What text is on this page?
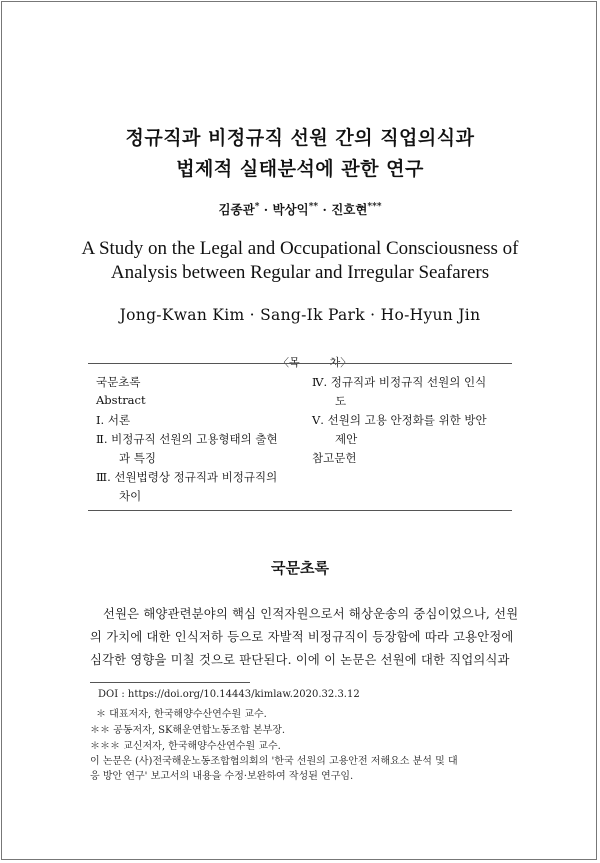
정규직과 비정규직 선원 간의 직업의식과
법제적 실태분석에 관한 연구
김종관* · 박상익** · 진호현***
A Study on the Legal and Occupational Consciousness of
Analysis between Regular and Irregular Seafarers
Jong-Kwan Kim · Sang-Ik Park · Ho-Hyun Jin
〈목	차〉
국문초록
Abstract
Ⅰ. 서론
Ⅱ. 비정규직 선원의 고용형태의 출현
과 특징
Ⅲ. 선원법령상 정규직과 비정규직의
차이
Ⅳ. 정규직과 비정규직 선원의 인식
도
Ⅴ. 선원의 고용 안정화를 위한 방안
제안
참고문헌
국문초록
선원은 해양관련분야의 핵심 인적자원으로서 해상운송의 중심이었으나, 선원
의 가치에 대한 인식저하 등으로 자발적 비정규직이 등장함에 따라 고용안정에
심각한 영향을 미칠 것으로 판단된다. 이에 이 논문은 선원에 대한 직업의식과
DOI : https://doi.org/10.14443/kimlaw.2020.32.3.12
＊ 대표저자, 한국해양수산연수원 교수.
＊＊ 공동저자, SK해운연합노동조합 본부장.
＊＊＊ 교신저자, 한국해양수산연수원 교수.
이 논문은 (사)전국해운노동조합협의회의 '한국 선원의 고용안전 저해요소 분석 및 대
응 방안 연구' 보고서의 내용을 수정·보완하여 작성된 연구임.
